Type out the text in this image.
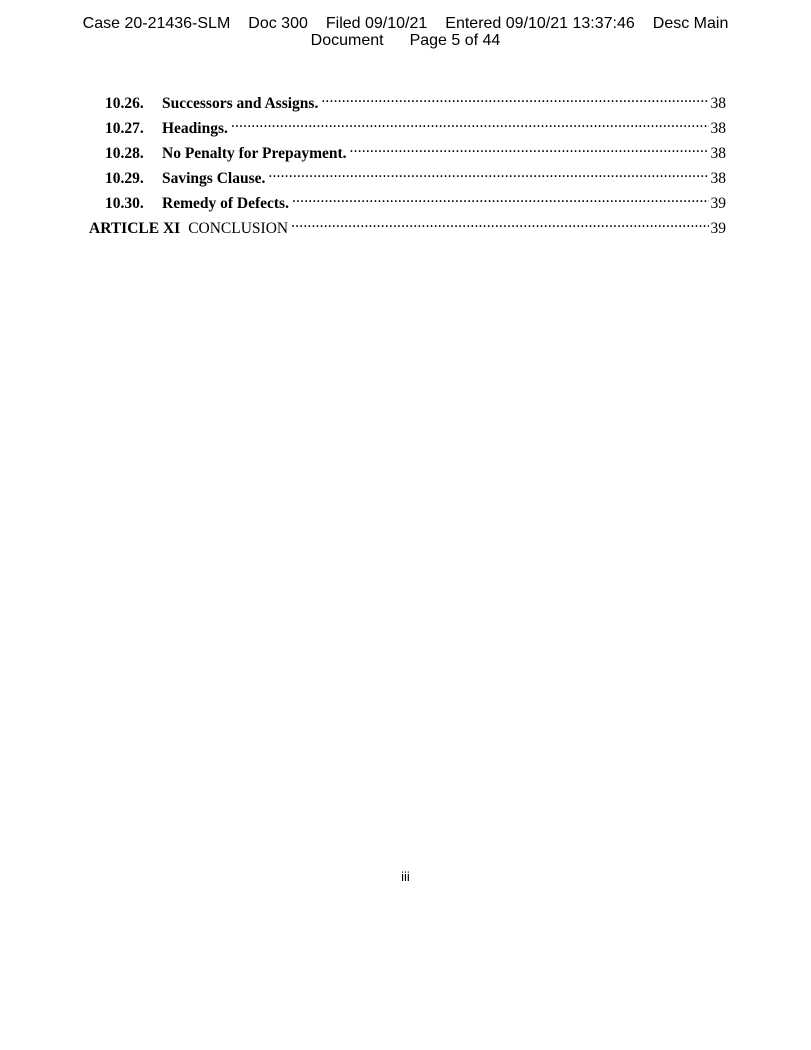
Case 20-21436-SLM Doc 300 Filed 09/10/21 Entered 09/10/21 13:37:46 Desc Main
Document Page 5 of 44
10.26.	Successors and Assigns. .....	38
10.27.	Headings. .....	38
10.28.	No Penalty for Prepayment. .....	38
10.29.	Savings Clause. .....	38
10.30.	Remedy of Defects. .....	39
ARTICLE XI CONCLUSION .....	39
iii
